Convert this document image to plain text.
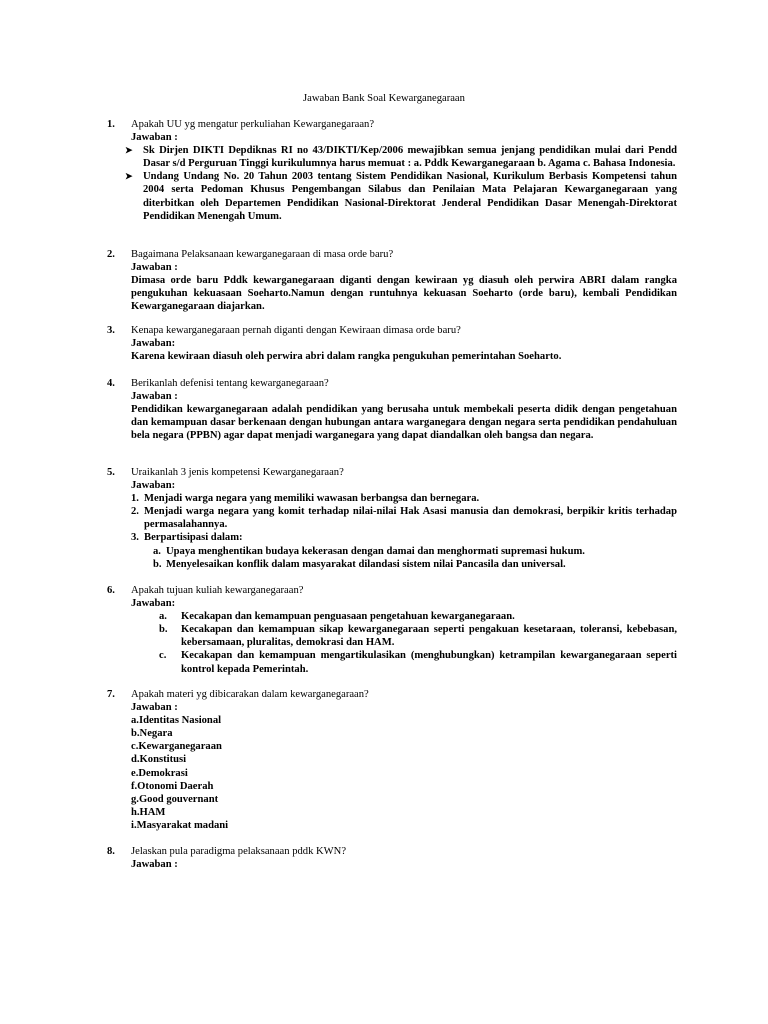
Jawaban Bank Soal Kewarganegaraan
1. Apakah UU yg mengatur perkuliahan Kewarganegaraan?
Jawaban :
➤ Sk Dirjen DIKTI Depdiknas RI no 43/DIKTI/Kep/2006 mewajibkan semua jenjang pendidikan mulai dari Pendd Dasar s/d Perguruan Tinggi kurikulumnya harus memuat : a. Pddk Kewarganegaraan b. Agama c. Bahasa Indonesia.
➤ Undang Undang No. 20 Tahun 2003 tentang Sistem Pendidikan Nasional, Kurikulum Berbasis Kompetensi tahun 2004 serta Pedoman Khusus Pengembangan Silabus dan Penilaian Mata Pelajaran Kewarganegaraan yang diterbitkan oleh Departemen Pendidikan Nasional-Direktorat Jenderal Pendidikan Dasar Menengah-Direktorat Pendidikan Menengah Umum.
2. Bagaimana Pelaksanaan kewarganegaraan di masa orde baru?
Jawaban :
Dimasa orde baru Pddk kewarganegaraan diganti dengan kewiraan yg diasuh oleh perwira ABRI dalam rangka pengukuhan kekuasaan Soeharto.Namun dengan runtuhnya kekuasan Soeharto (orde baru), kembali Pendidikan Kewarganegaraan diajarkan.
3. Kenapa kewarganegaraan pernah diganti dengan Kewiraan dimasa orde baru?
Jawaban:
Karena kewiraan diasuh oleh perwira abri dalam rangka pengukuhan pemerintahan Soeharto.
4. Berikanlah defenisi tentang kewarganegaraan?
Jawaban :
Pendidikan kewarganegaraan adalah pendidikan yang berusaha untuk membekali peserta didik dengan pengetahuan dan kemampuan dasar berkenaan dengan hubungan antara warganegara dengan negara serta pendidikan pendahuluan bela negara (PPBN) agar dapat menjadi warganegara yang dapat diandalkan oleh bangsa dan negara.
5. Uraikanlah 3 jenis kompetensi Kewarganegaraan?
Jawaban:
1. Menjadi warga negara yang memiliki wawasan berbangsa dan bernegara.
2. Menjadi warga negara yang komit terhadap nilai-nilai Hak Asasi manusia dan demokrasi, berpikir kritis terhadap permasalahannya.
3. Berpartisipasi dalam:
a. Upaya menghentikan budaya kekerasan dengan damai dan menghormati supremasi hukum.
b. Menyelesaikan konflik dalam masyarakat dilandasi sistem nilai Pancasila dan universal.
6. Apakah tujuan kuliah kewarganegaraan?
Jawaban:
a. Kecakapan dan kemampuan penguasaan pengetahuan kewarganegaraan.
b. Kecakapan dan kemampuan sikap kewarganegaraan seperti pengakuan kesetaraan, toleransi, kebebasan, kebersamaan, pluralitas, demokrasi dan HAM.
c. Kecakapan dan kemampuan mengartikulasikan (menghubungkan) ketrampilan kewarganegaraan seperti kontrol kepada Pemerintah.
7. Apakah materi yg dibicarakan dalam kewarganegaraan?
Jawaban :
a.Identitas Nasional
b.Negara
c.Kewarganegaraan
d.Konstitusi
e.Demokrasi
f.Otonomi Daerah
g.Good gouvernant
h.HAM
i.Masyarakat madani
8. Jelaskan pula paradigma pelaksanaan pddk KWN?
Jawaban :
